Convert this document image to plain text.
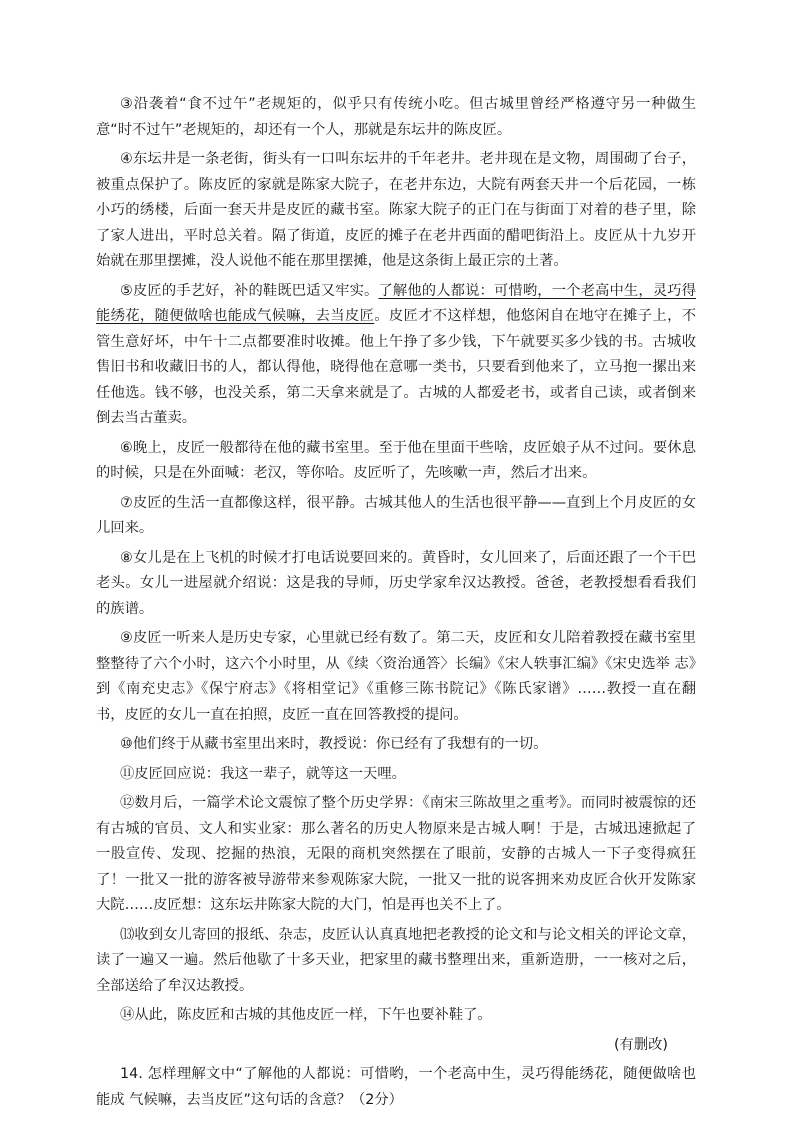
③沿袭着“食不过午”老规矩的，似乎只有传统小吃。但古城里曾经严格遵守另一种做生意“时不过午”老规矩的，却还有一个人，那就是东坛井的陈皮匠。

④东坛井是一条老街，街头有一口叫东坛井的千年老井。老井现在是文物，周围砌了台子，被重点保护了。陈皮匠的家就是陈家大院子，在老井东边，大院有两套天井一个后花园，一栋小巧的绣楼，后面一套天井是皮匠的藏书室。陈家大院子的正门在与街面丁对着的巷子里，除了家人进出，平时总关着。隔了街道，皮匠的摊子在老井西面的醋吧街沿上。皮匠从十九岁开始就在那里摆摊，没人说他不能在那里摆摊，他是这条街上最正宗的土著。

⑤皮匠的手艺好，补的鞋既巴适又牢实。了解他的人都说：可惜哟，一个老高中生，灵巧得能绣花，随便做啥也能成气候嘛，去当皮匠。皮匠才不这样想，他悠闲自在地守在摊子上，不管生意好坏，中午十二点都要准时收摊。他上午挣了多少钱，下午就要买多少钱的书。古城收售旧书和收藏旧书的人，都认得他，晓得他在意哪一类书，只要看到他来了，立马抱一摞出来任他选。钱不够，也没关系，第二天拿来就是了。古城的人都爱老书，或者自己读，或者倒来倒去当古董卖。

⑥晚上，皮匠一般都待在他的藏书室里。至于他在里面干些啥，皮匠娘子从不过问。要休息的时候，只是在外面喊：老汉，等你哈。皮匠听了，先咳嗽一声，然后才出来。

⑦皮匠的生活一直都像这样，很平静。古城其他人的生活也很平静——直到上个月皮匠的女儿回来。

⑧女儿是在上飞机的时候才打电话说要回来的。黄昏时，女儿回来了，后面还跟了一个干巴老头。女儿一进屋就介绍说：这是我的导师，历史学家牟汉达教授。爸爸，老教授想看看我们的族谱。

⑨皮匠一听来人是历史专家，心里就已经有数了。第二天，皮匠和女儿陪着教授在藏书室里整整待了六个小时，这六个小时里，从《续〈资治通答〉长编》《宋人轶事汇编》《宋史选举 志》到《南充史志》《保宁府志》《将相堂记》《重修三陈书院记》《陈氏家谱》……教授一直在翻书，皮匠的女儿一直在拍照，皮匠一直在回答教授的提问。

⑩他们终于从藏书室里出来时，教授说：你已经有了我想有的一切。

⑪皮匠回应说：我这一辈子，就等这一天哩。

⑫数月后，一篇学术论文震惊了整个历史学界：《南宋三陈故里之重考》。而同时被震惊的还有古城的官员、文人和实业家：那么著名的历史人物原来是古城人啊！于是，古城迅速掀起了一股宣传、发现、挖掘的热浪，无限的商机突然摆在了眼前，安静的古城人一下子变得疯狂了！一批又一批的游客被导游带来参观陈家大院，一批又一批的说客拥来劝皮匠合伙开发陈家大院……皮匠想：这东坛井陈家大院的大门，怕是再也关不上了。

⒀收到女儿寄回的报纸、杂志，皮匠认认真真地把老教授的论文和与论文相关的评论文章，读了一遍又一遍。然后他歇了十多天业，把家里的藏书整理出来，重新造册，一一核对之后，全部送给了牟汉达教授。

⑭从此，陈皮匠和古城的其他皮匠一样，下午也要补鞋了。

(有删改)

14. 怎样理解文中“了解他的人都说：可惜哟，一个老高中生，灵巧得能绣花，随便做啥也能成 气候嘛，去当皮匠”这句话的含意？（2分）
